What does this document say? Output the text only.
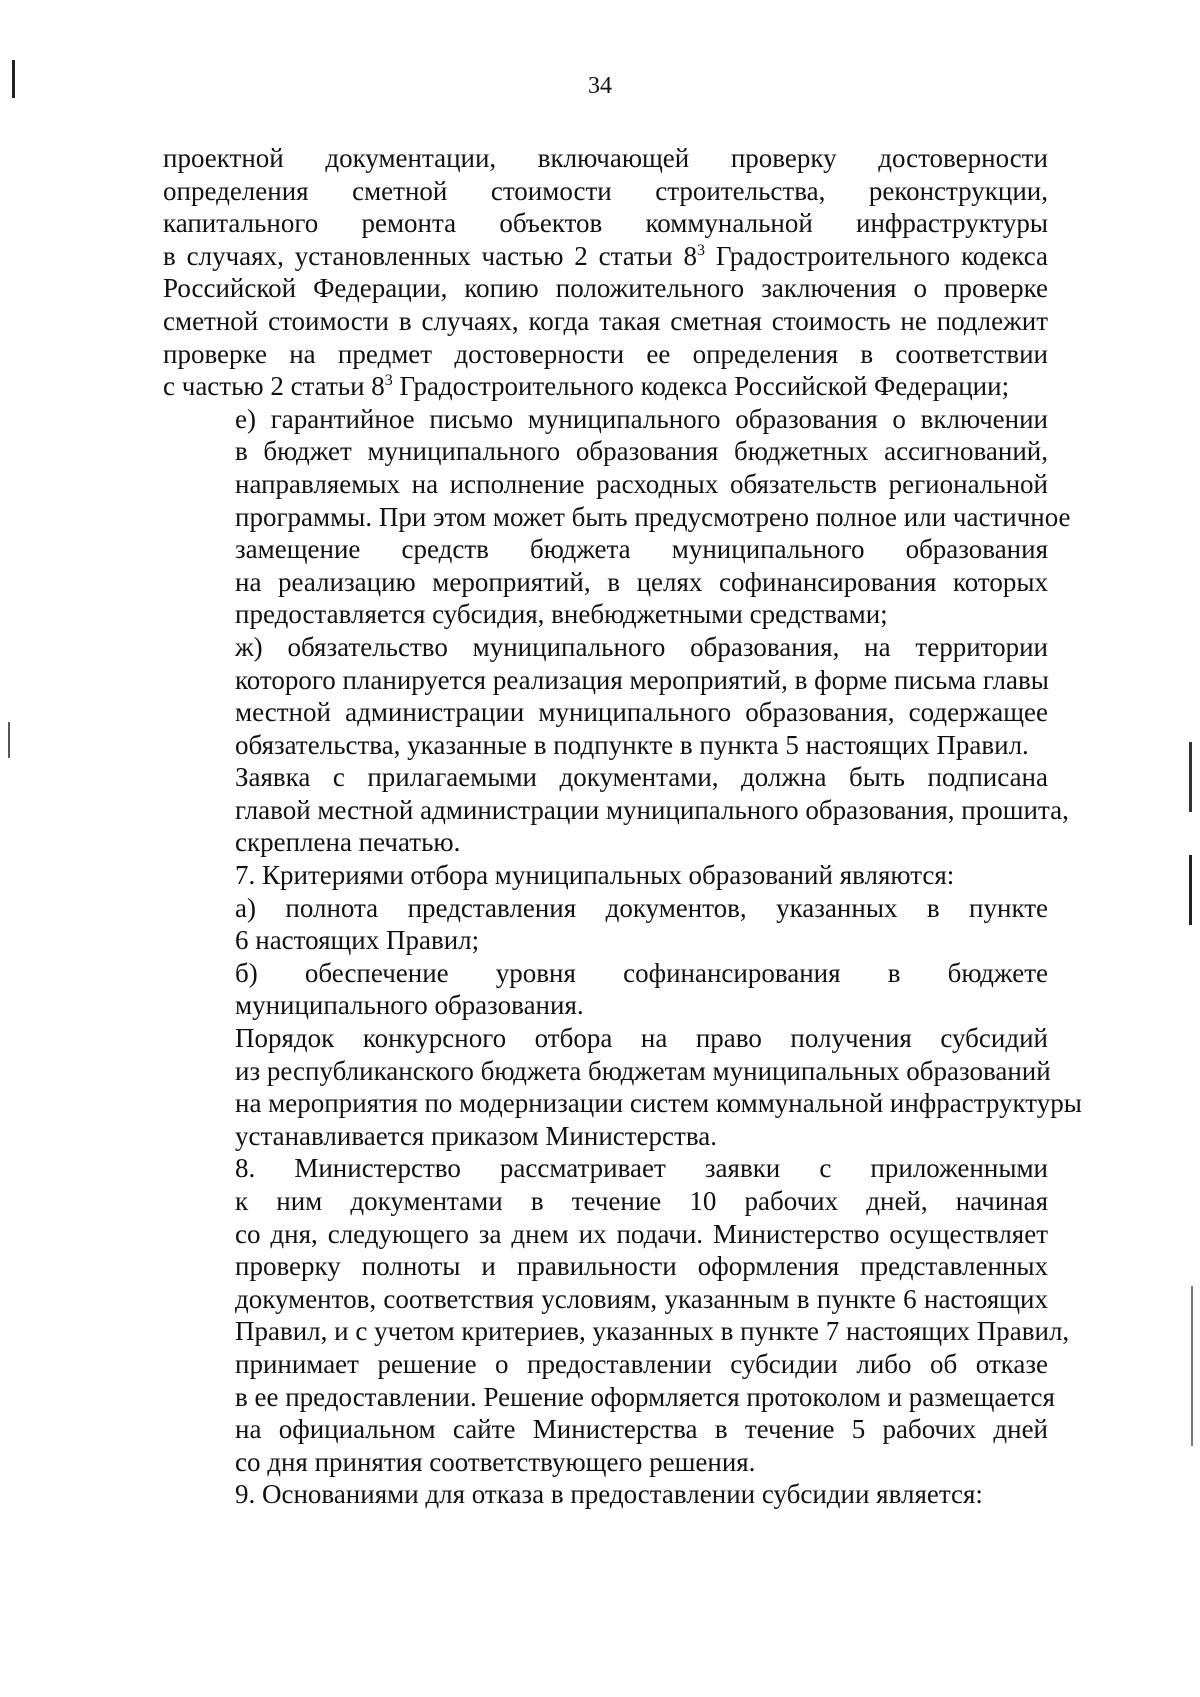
34
проектной документации, включающей проверку достоверности
определения сметной стоимости строительства, реконструкции,
капитального ремонта объектов коммунальной инфраструктуры
в случаях, установленных частью 2 статьи $8^3$ Градостроительного кодекса
Российской Федерации, копию положительного заключения о проверке
сметной стоимости в случаях, когда такая сметная стоимость не подлежит
проверке на предмет достоверности ее определения в соответствии
с частью 2 статьи $8^3$ Градостроительного кодекса Российской Федерации;
е) гарантийное письмо муниципального образования о включении
в бюджет муниципального образования бюджетных ассигнований,
направляемых на исполнение расходных обязательств региональной
программы. При этом может быть предусмотрено полное или частичное
замещение средств бюджета муниципального образования
на реализацию мероприятий, в целях софинансирования которых
предоставляется субсидия, внебюджетными средствами;
ж) обязательство муниципального образования, на территории
которого планируется реализация мероприятий, в форме письма главы
местной администрации муниципального образования, содержащее
обязательства, указанные в подпункте в пункта 5 настоящих Правил.
Заявка с прилагаемыми документами, должна быть подписана
главой местной администрации муниципального образования, прошита,
скреплена печатью.
7. Критериями отбора муниципальных образований являются:
а) полнота представления документов, указанных в пункте
6 настоящих Правил;
б) обеспечение уровня софинансирования в бюджете
муниципального образования.
Порядок конкурсного отбора на право получения субсидий
из республиканского бюджета бюджетам муниципальных образований
на мероприятия по модернизации систем коммунальной инфраструктуры
устанавливается приказом Министерства.
8. Министерство рассматривает заявки с приложенными
к ним документами в течение 10 рабочих дней, начиная
со дня, следующего за днем их подачи. Министерство осуществляет
проверку полноты и правильности оформления представленных
документов, соответствия условиям, указанным в пункте 6 настоящих
Правил, и с учетом критериев, указанных в пункте 7 настоящих Правил,
принимает решение о предоставлении субсидии либо об отказе
в ее предоставлении. Решение оформляется протоколом и размещается
на официальном сайте Министерства в течение 5 рабочих дней
со дня принятия соответствующего решения.
9. Основаниями для отказа в предоставлении субсидии является:
